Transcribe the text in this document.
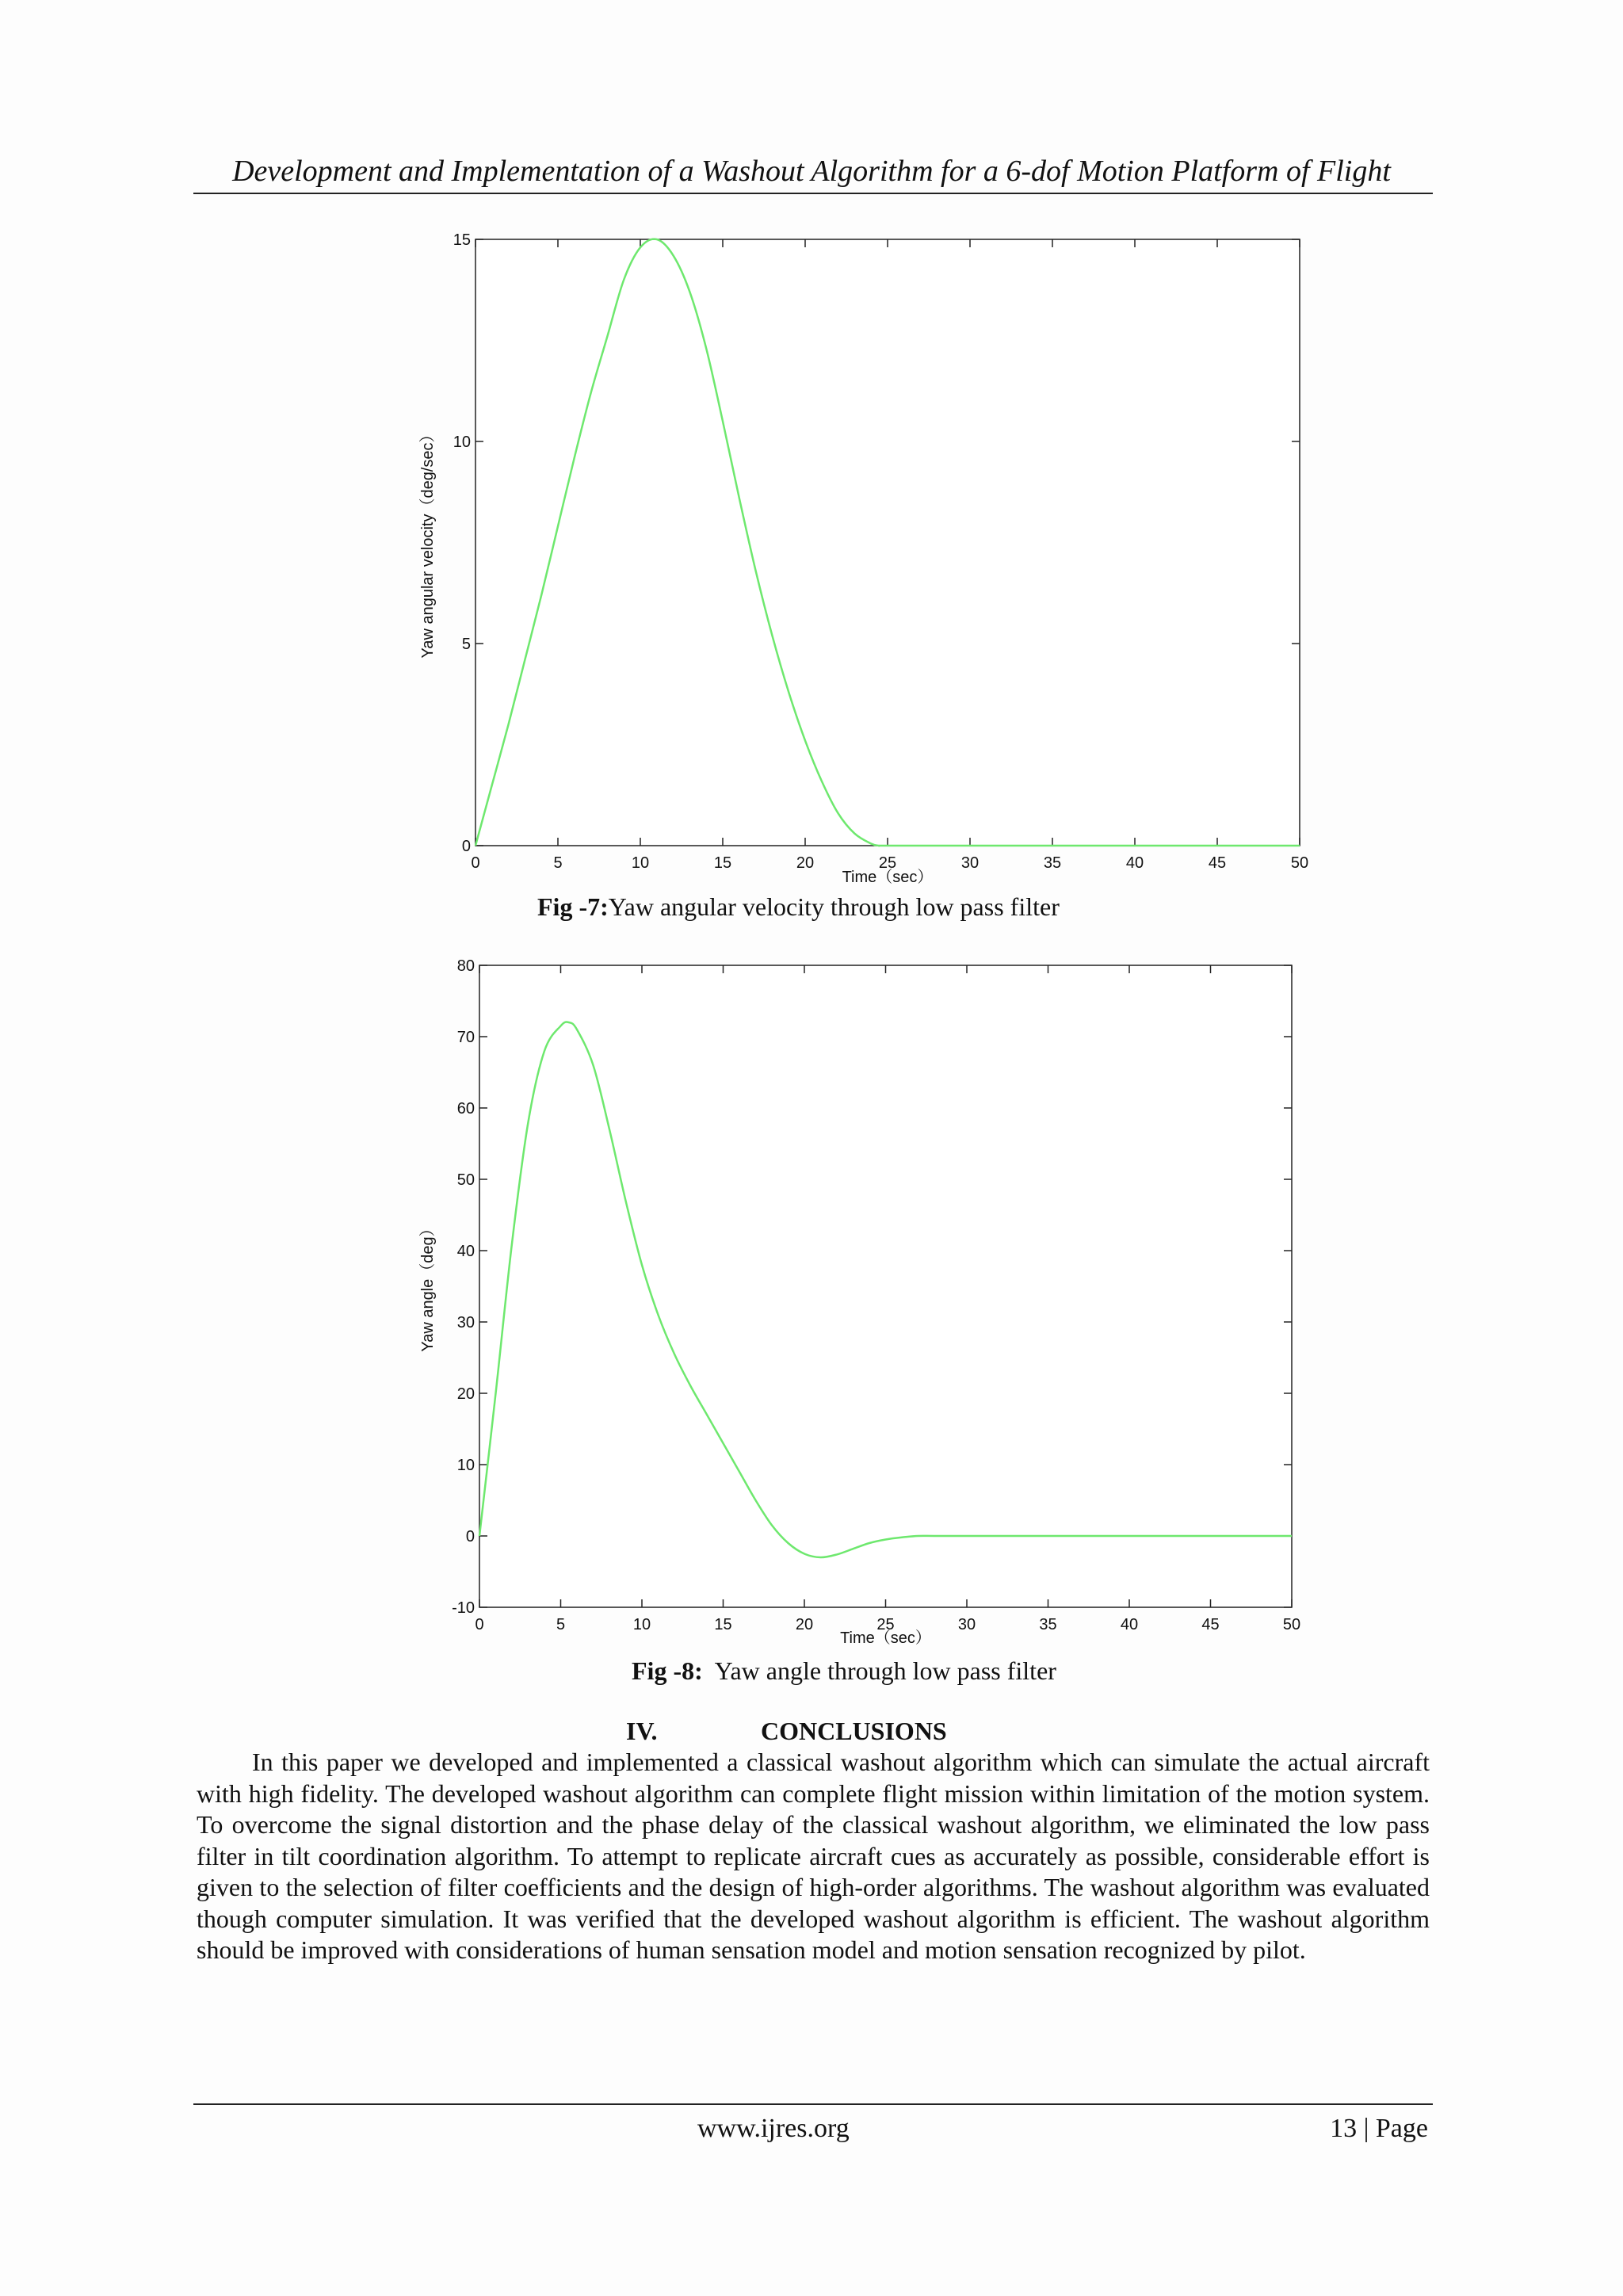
Development and Implementation of a Washout Algorithm for a 6-dof Motion Platform of Flight
0	5	10	15	20	25	30	35	40	45	50
0
5
10
15
Time（sec）
Yaw angular velocity（deg/sec）
Fig -7:Yaw angular velocity through low pass filter
0	5	10	15	20	25	30	35	40	45	50
-10
0
10
20
30
40
50
60
70
80
Time（sec）
Yaw angle（deg）
Fig -8:  Yaw angle through low pass filter
IV.	CONCLUSIONS
In this paper we developed and implemented a classical washout algorithm which can simulate the actual aircraft with high fidelity. The developed washout algorithm can complete flight mission within limitation of the motion system. To overcome the signal distortion and the phase delay of the classical washout algorithm, we eliminated the low pass filter in tilt coordination algorithm. To attempt to replicate aircraft cues as accurately as possible, considerable effort is given to the selection of filter coefficients and the design of high-order algorithms. The washout algorithm was evaluated though computer simulation. It was verified that the developed washout algorithm is efficient. The washout algorithm should be improved with considerations of human sensation model and motion sensation recognized by pilot.
www.ijres.org	13 | Page
